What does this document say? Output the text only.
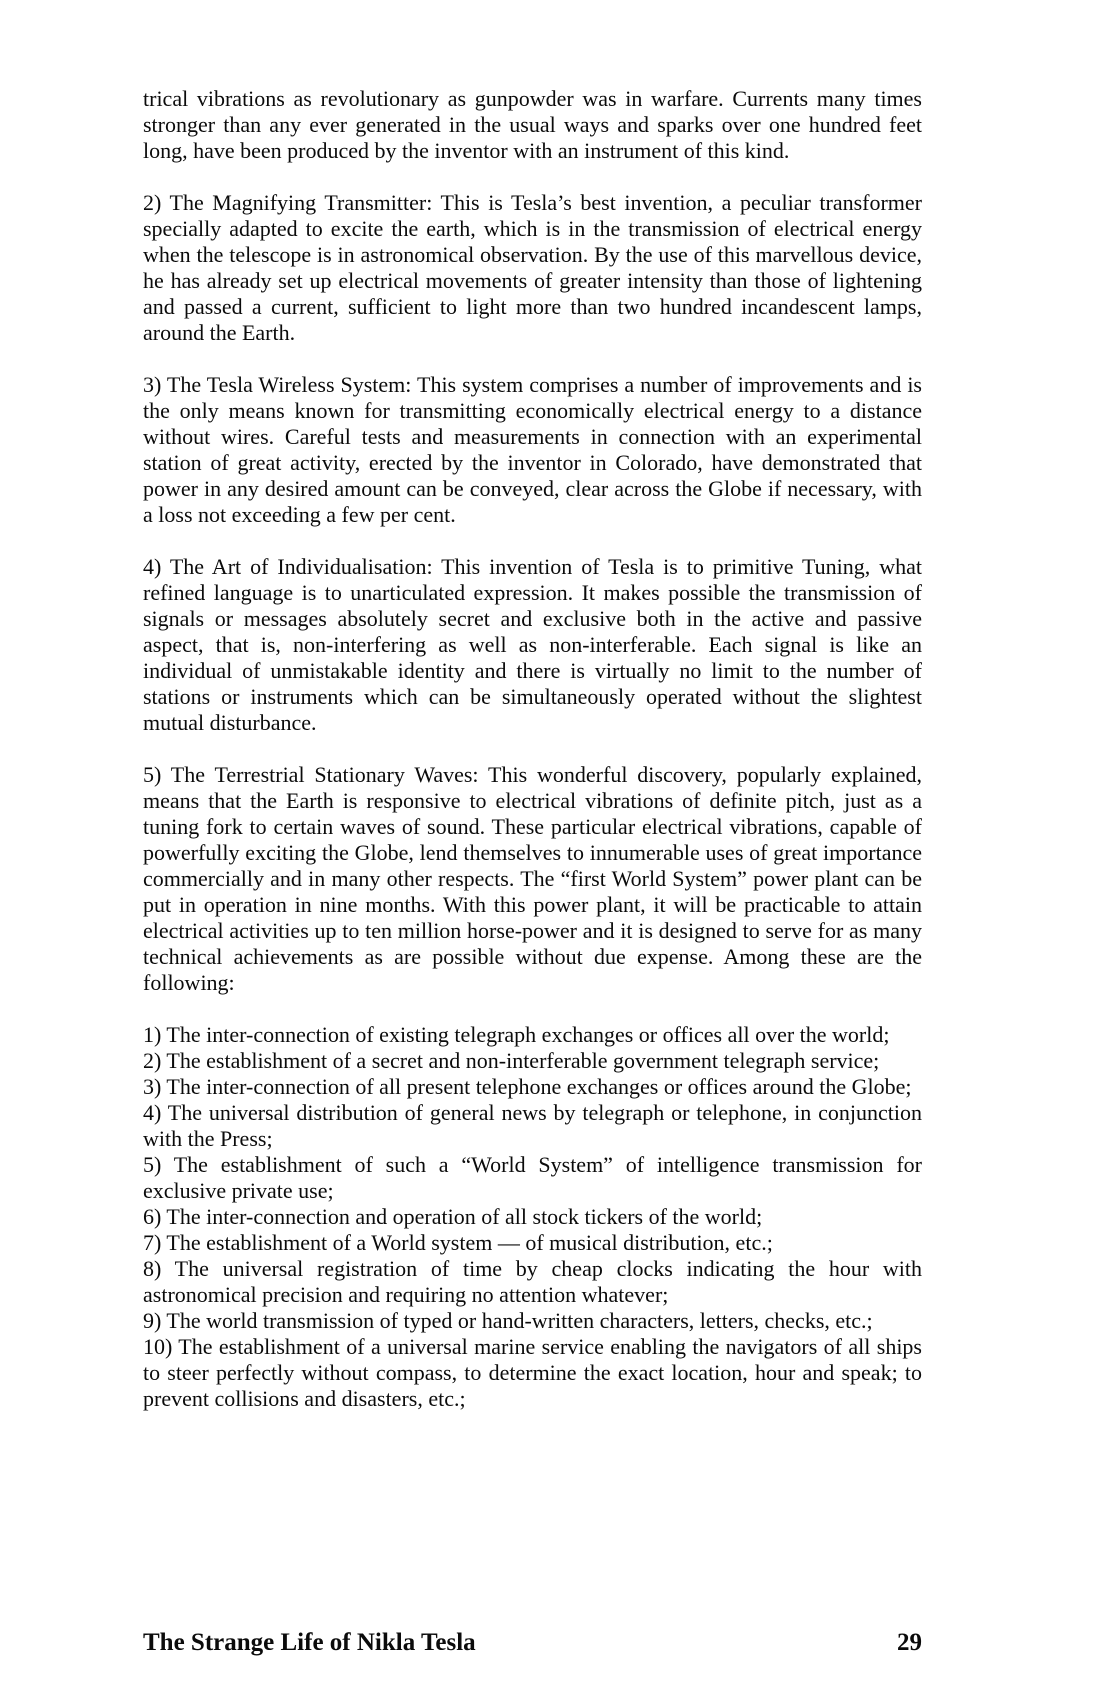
trical vibrations as revolutionary as gunpowder was in warfare. Currents many times stronger than any ever generated in the usual ways and sparks over one hundred feet long, have been produced by the inventor with an instrument of this kind.

2) The Magnifying Transmitter: This is Tesla’s best invention, a peculiar transformer specially adapted to excite the earth, which is in the transmission of electrical energy when the telescope is in astronomical observation. By the use of this marvellous device, he has already set up electrical movements of greater intensity than those of lightening and passed a current, sufficient to light more than two hundred incandescent lamps, around the Earth.

3) The Tesla Wireless System: This system comprises a number of improvements and is the only means known for transmitting economically electrical energy to a distance without wires. Careful tests and measurements in connection with an experimental station of great activity, erected by the inventor in Colorado, have demonstrated that power in any desired amount can be conveyed, clear across the Globe if necessary, with a loss not exceeding a few per cent.

4) The Art of Individualisation: This invention of Tesla is to primitive Tuning, what refined language is to unarticulated expression. It makes possible the transmission of signals or messages absolutely secret and exclusive both in the active and passive aspect, that is, non-interfering as well as non-interferable. Each signal is like an individual of unmistakable identity and there is virtually no limit to the number of stations or instruments which can be simultaneously operated without the slightest mutual disturbance.

5) The Terrestrial Stationary Waves: This wonderful discovery, popularly explained, means that the Earth is responsive to electrical vibrations of definite pitch, just as a tuning fork to certain waves of sound. These particular electrical vibrations, capable of powerfully exciting the Globe, lend themselves to innumerable uses of great importance commercially and in many other respects. The “first World System” power plant can be put in operation in nine months. With this power plant, it will be practicable to attain electrical activities up to ten million horse-power and it is designed to serve for as many technical achievements as are possible without due expense. Among these are the following:

1) The inter-connection of existing telegraph exchanges or offices all over the world;

2) The establishment of a secret and non-interferable government telegraph service;

3) The inter-connection of all present telephone exchanges or offices around the Globe;

4) The universal distribution of general news by telegraph or telephone, in conjunction with the Press;

5) The establishment of such a “World System” of intelligence transmission for exclusive private use;

6) The inter-connection and operation of all stock tickers of the world;

7) The establishment of a World system — of musical distribution, etc.;

8) The universal registration of time by cheap clocks indicating the hour with astronomical precision and requiring no attention whatever;

9) The world transmission of typed or hand-written characters, letters, checks, etc.;

10) The establishment of a universal marine service enabling the navigators of all ships to steer perfectly without compass, to determine the exact location, hour and speak; to prevent collisions and disasters, etc.;

The Strange Life of Nikla Tesla	29
